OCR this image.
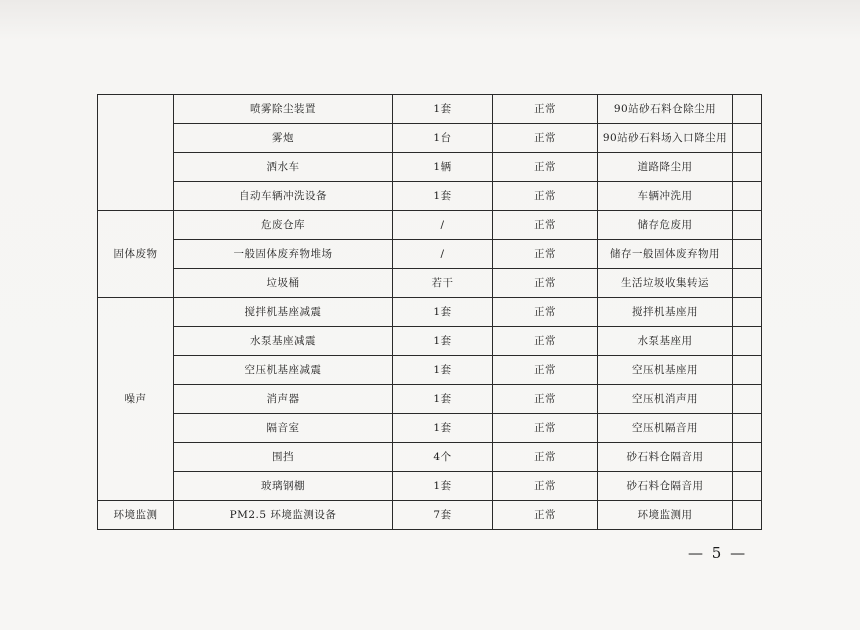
	喷雾除尘装置	1套	正常	90站砂石料仓除尘用	
	雾炮	1台	正常	90站砂石料场入口降尘用	
	洒水车	1辆	正常	道路降尘用	
	自动车辆冲洗设备	1套	正常	车辆冲洗用	
固体废物	危废仓库	/	正常	储存危废用	
	一般固体废弃物堆场	/	正常	储存一般固体废弃物用	
	垃圾桶	若干	正常	生活垃圾收集转运	
噪声	搅拌机基座减震	1套	正常	搅拌机基座用	
	水泵基座减震	1套	正常	水泵基座用	
	空压机基座减震	1套	正常	空压机基座用	
	消声器	1套	正常	空压机消声用	
	隔音室	1套	正常	空压机隔音用	
	围挡	4个	正常	砂石料仓隔音用	
	玻璃钢棚	1套	正常	砂石料仓隔音用	
环境监测	PM2.5 环境监测设备	7套	正常	环境监测用	
— 5 —
